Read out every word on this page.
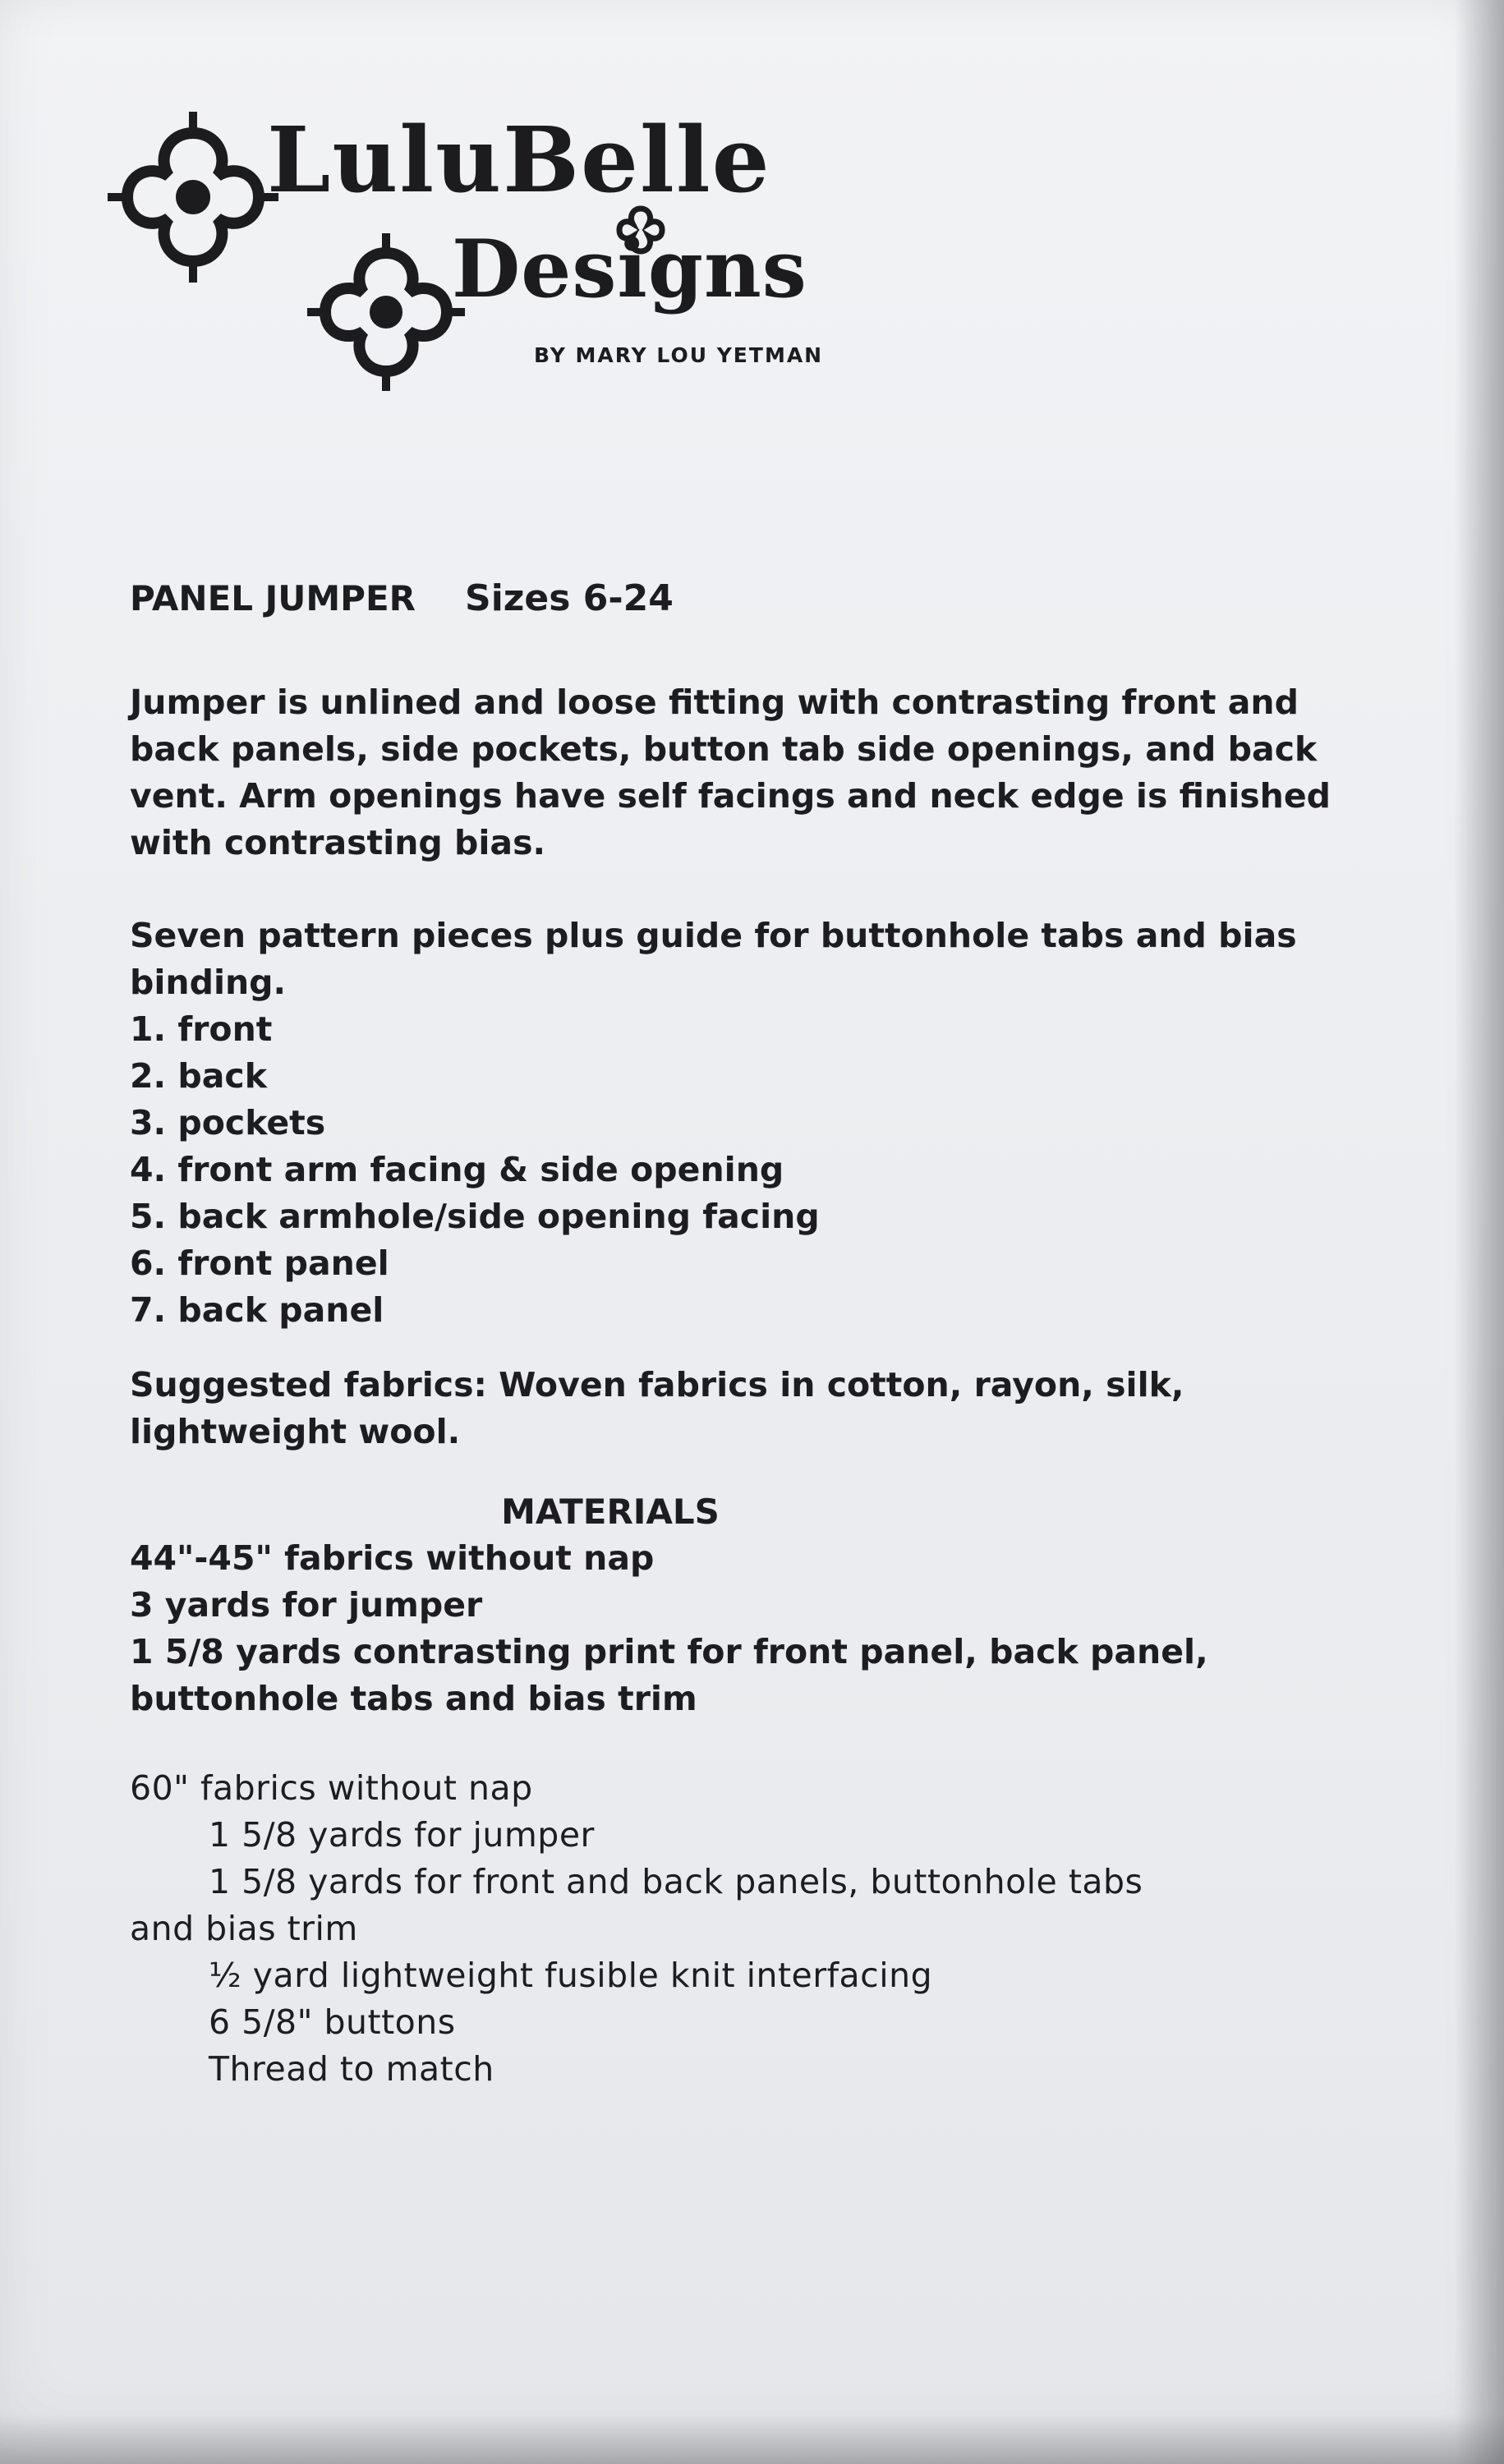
LuluBelle
Designs
BY MARY LOU YETMAN
PANEL JUMPER Sizes 6-24

Jumper is unlined and loose fitting with contrasting front and back panels, side pockets, button tab side openings, and back vent. Arm openings have self facings and neck edge is finished with contrasting bias.

Seven pattern pieces plus guide for buttonhole tabs and bias binding.

1. front
2. back
3. pockets
4. front arm facing & side opening
5. back armhole/side opening facing
6. front panel
7. back panel

Suggested fabrics: Woven fabrics in cotton, rayon, silk, lightweight wool.

MATERIALS
44"-45" fabrics without nap
3 yards for jumper
1 5/8 yards contrasting print for front panel, back panel, buttonhole tabs and bias trim
60" fabrics without nap
1 5/8 yards for jumper
1 5/8 yards for front and back panels, buttonhole tabs
and bias trim
½ yard lightweight fusible knit interfacing
6 5/8" buttons
Thread to match
